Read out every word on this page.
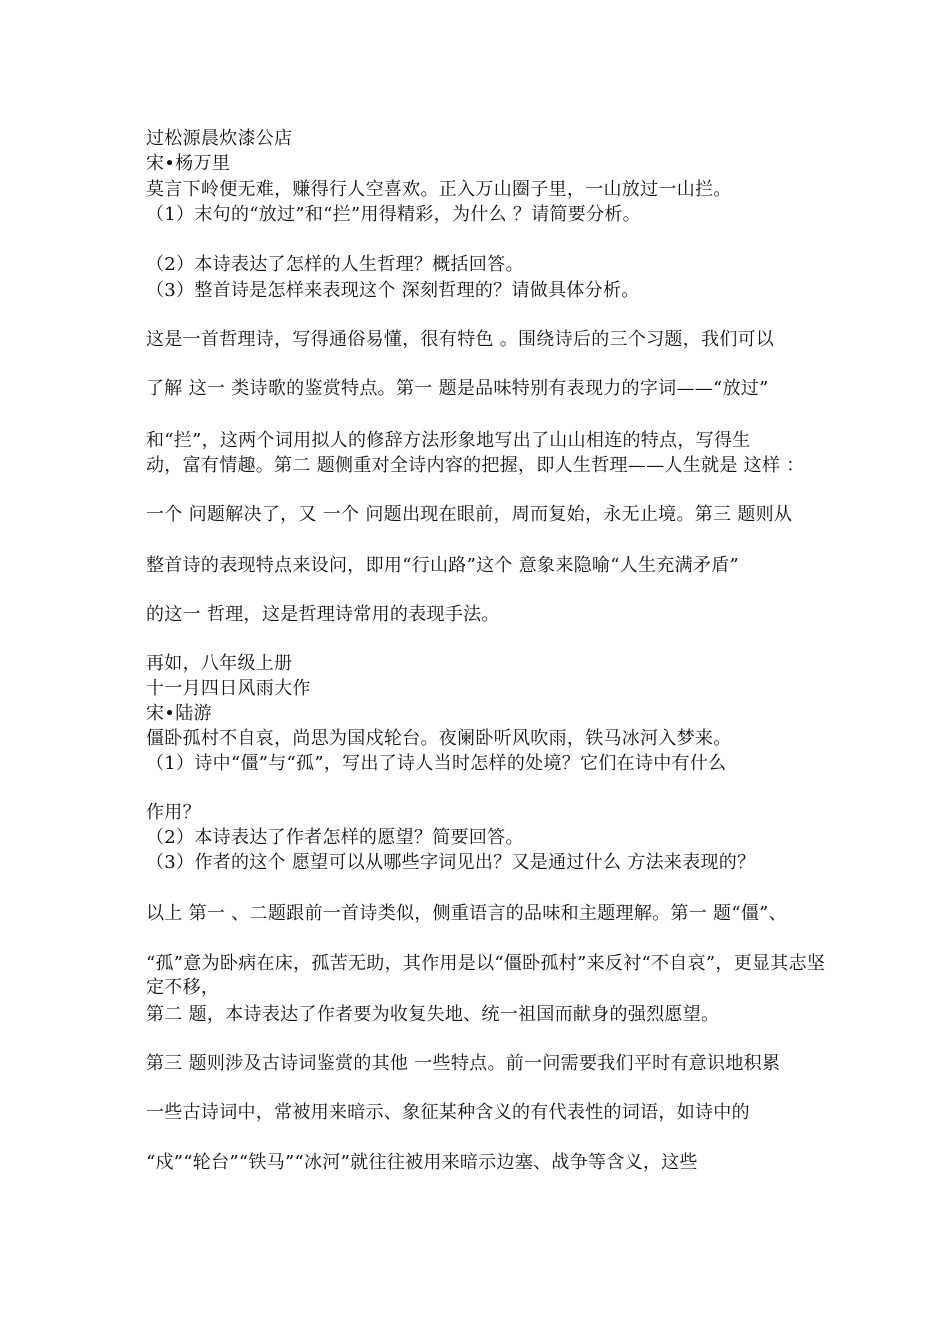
过松源晨炊漆公店
宋•杨万里
莫言下岭便无难，赚得行人空喜欢。正入万山圈子里，一山放过一山拦。
（1）末句的“放过”和“拦”用得精彩，为什么 ？请简要分析。
（2）本诗表达了怎样的人生哲理？概括回答。
（3）整首诗是怎样来表现这个 深刻哲理的？请做具体分析。
这是一首哲理诗，写得通俗易懂，很有特色 。围绕诗后的三个习题，我们可以
了解 这一 类诗歌的鉴赏特点。第一 题是品味特别有表现力的字词——“放过”
和“拦”，这两个词用拟人的修辞方法形象地写出了山山相连的特点，写得生
动，富有情趣。第二 题侧重对全诗内容的把握，即人生哲理——人生就是 这样 ：
一个 问题解决了，又 一个 问题出现在眼前，周而复始，永无止境。第三 题则从
整首诗的表现特点来设问，即用“行山路”这个 意象来隐喻“人生充满矛盾”
的这一 哲理，这是哲理诗常用的表现手法。
再如，八年级上册
十一月四日风雨大作
宋•陆游
僵卧孤村不自哀，尚思为国戍轮台。夜阑卧听风吹雨，铁马冰河入梦来。
（1）诗中“僵”与“孤”，写出了诗人当时怎样的处境？它们在诗中有什么
作用？
（2）本诗表达了作者怎样的愿望？简要回答。
（3）作者的这个 愿望可以从哪些字词见出？又是通过什么 方法来表现的？
以上 第一 、二题跟前一首诗类似，侧重语言的品味和主题理解。第一 题“僵”、
“孤”意为卧病在床，孤苦无助，其作用是以“僵卧孤村”来反衬“不自哀”，更显其志坚定不移，
第二 题，本诗表达了作者要为收复失地、统一祖国而献身的强烈愿望。
第三 题则涉及古诗词鉴赏的其他 一些特点。前一问需要我们平时有意识地积累
一些古诗词中，常被用来暗示、象征某种含义的有代表性的词语，如诗中的
“戍”“轮台”“铁马”“冰河”就往往被用来暗示边塞、战争等含义，这些
